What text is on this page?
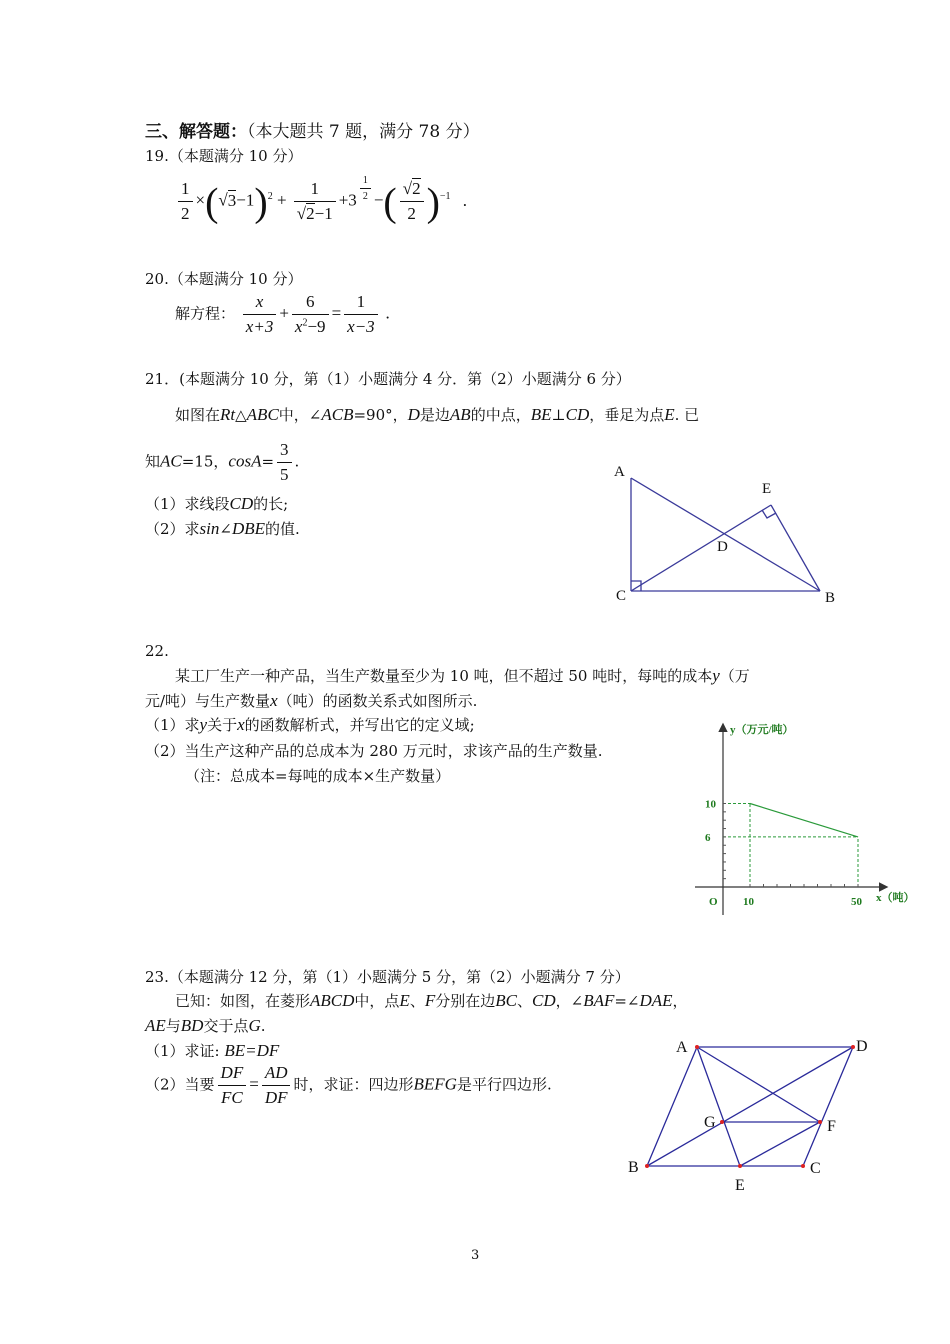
三、解答题：（本大题共 7 题，满分 78 分）
19.（本题满分 10 分）
$\frac{1}{2} \times(√3-1)^2 + \frac{1}{√2-1} +3 \frac{1}{2}$ −( $\frac{√2}{2} )^{-1}$ .
20.（本题满分 10 分）
解方程： $\frac{x}{x+3} + \frac{6}{x^2-9} = \frac{1}{x-3}$ .
21．(本题满分 10 分，第（1）小题满分 4 分．第（2）小题满分 6 分）
如图在Rt△ABC中，∠ACB=90°，D是边AB的中点，BE⊥CD，垂足为点E. 已
知AC=15，$\cos A= \frac{3}{5}$ .
（1）求线段CD的长;
（2）求sin∠DBE的值.
A
E
D
C	B
22.
某工厂生产一种产品，当生产数量至少为 10 吨，但不超过 50 吨时，每吨的成本y（万
元/吨）与生产数量x（吨）的函数关系式如图所示.
（1）求y关于x的函数解析式，并写出它的定义域;
（2）当生产这种产品的总成本为 280 万元时，求该产品的生产数量.
（注：总成本=每吨的成本×生产数量）
10
6
10	50
y（万元/吨）
x（吨）
O
23.（本题满分 12 分，第（1）小题满分 5 分，第（2）小题满分 7 分）
已知：如图，在菱形ABCD中，点E、F分别在边BC、CD，∠BAF=∠DAE，
AE与BD交于点G.
（1）求证: BE=DF
（2）当要 $\frac{DF}{FC} = \frac{AD}{DF}$ 时，求证：四边形BEFG是平行四边形.
A	D
G	F
B	C
E
3
